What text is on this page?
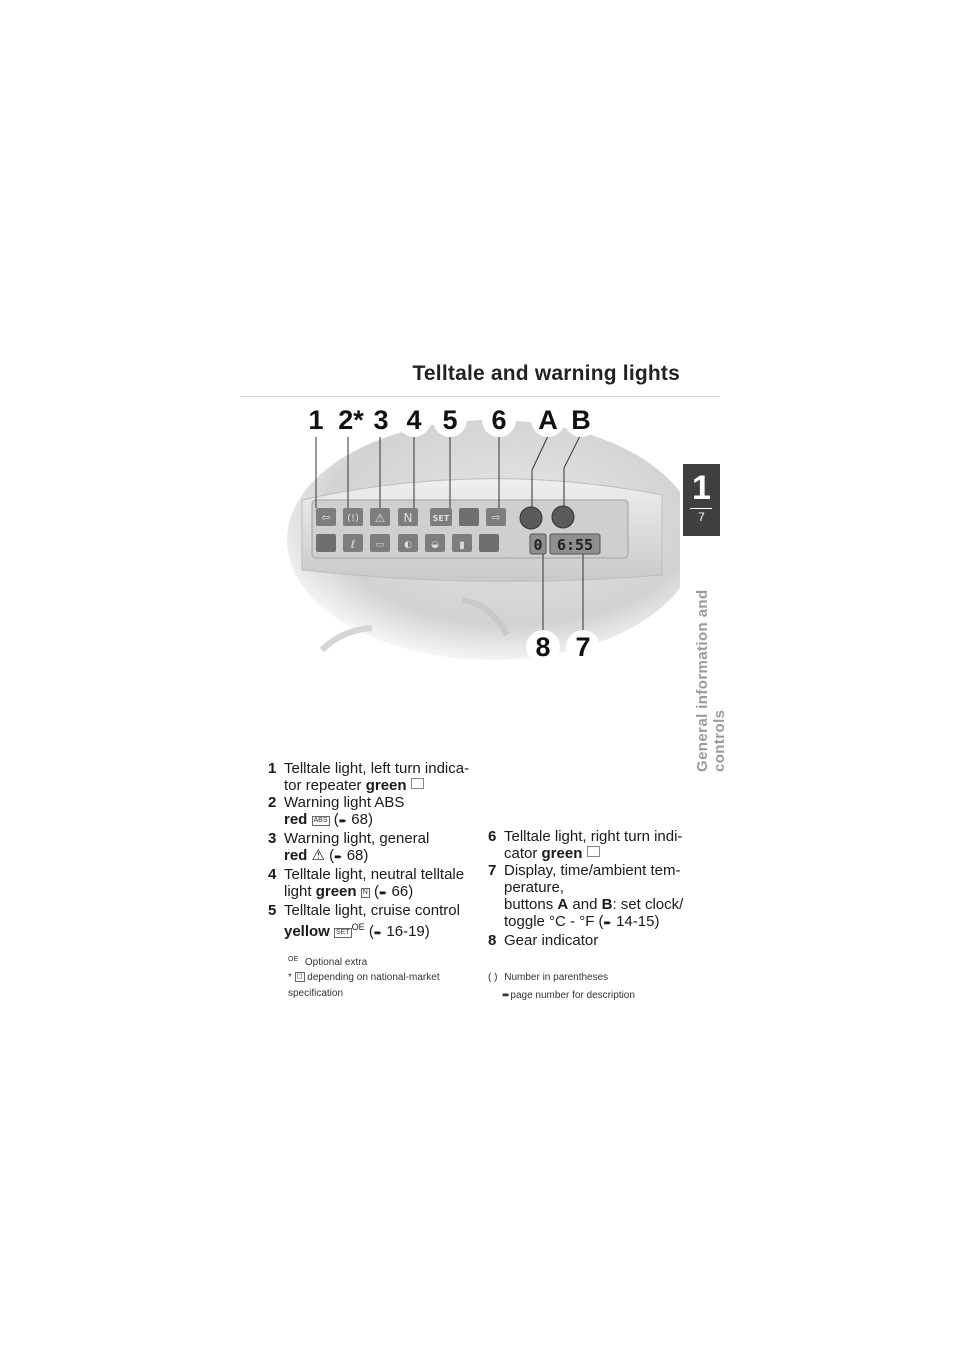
Telltale and warning lights
1
7
General information and controls
⇦ (!) ⚠ N	SET	⇨
ℓ ▭ ◐ ◒ ▮	0 6:55
1 2* 3 4 5	6	A B
8 7
1 Telltale light, left turn indica-
tor repeater green
2 Warning light ABS
red ABS (➨ 68)
3 Warning light, general
red ⚠ (➨ 68)
4 Telltale light, neutral telltale
light green N (➨ 66)
5 Telltale light, cruise control
yellow $SET^{OE}$ (➨ 16-19)
6 Telltale light, right turn indi-
cator green
7 Display, time/ambient tem-
perature,
buttons A and B: set clock/
toggle °C - °F (➨ 14-15)
8 Gear indicator
$^{OE}$ Optional extra
* ◻ depending on national-market
specification
( ) Number in parentheses
➨page number for description
